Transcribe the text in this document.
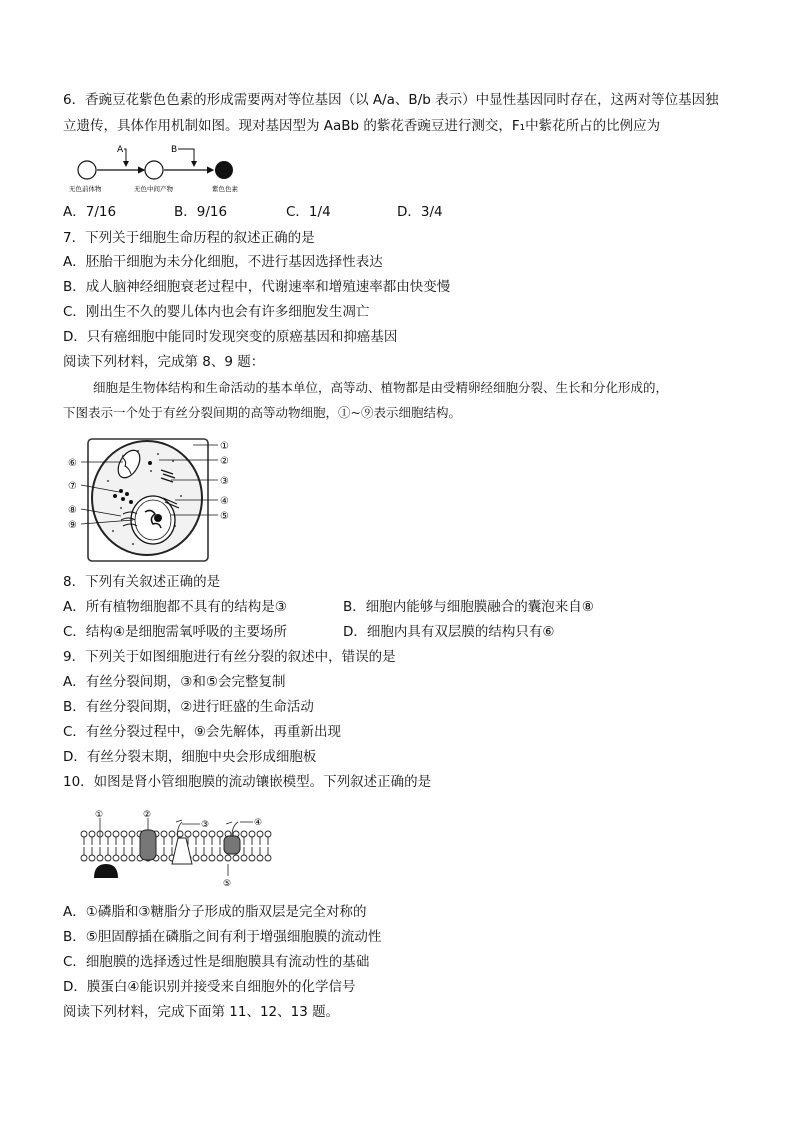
6．香豌豆花紫色色素的形成需要两对等位基因（以 A/a、B/b 表示）中显性基因同时存在，这两对等位基因独
立遗传，具体作用机制如图。现对基因型为 AaBb 的紫花香豌豆进行测交，F₁中紫花所占的比例应为
A	B
无色前体物	无色中间产物	紫色色素
A．7/16	B．9/16	C．1/4	D．3/4
7．下列关于细胞生命历程的叙述正确的是
A．胚胎干细胞为未分化细胞，不进行基因选择性表达
B．成人脑神经细胞衰老过程中，代谢速率和增殖速率都由快变慢
C．刚出生不久的婴儿体内也会有许多细胞发生凋亡
D．只有癌细胞中能同时发现突变的原癌基因和抑癌基因
阅读下列材料，完成第 8、9 题：
细胞是生物体结构和生命活动的基本单位，高等动、植物都是由受精卵经细胞分裂、生长和分化形成的，
下图表示一个处于有丝分裂间期的高等动物细胞，①~⑨表示细胞结构。
①
②
③
④
⑤
⑥
⑦
⑧
⑨
8．下列有关叙述正确的是
A．所有植物细胞都不具有的结构是③	B．细胞内能够与细胞膜融合的囊泡来自⑧
C．结构④是细胞需氧呼吸的主要场所	D．细胞内具有双层膜的结构只有⑥
9．下列关于如图细胞进行有丝分裂的叙述中，错误的是
A．有丝分裂间期，③和⑤会完整复制
B．有丝分裂间期，②进行旺盛的生命活动
C．有丝分裂过程中，⑨会先解体，再重新出现
D．有丝分裂末期，细胞中央会形成细胞板
10．如图是肾小管细胞膜的流动镶嵌模型。下列叙述正确的是
①	②
③	④
⑤
A．①磷脂和③糖脂分子形成的脂双层是完全对称的
B．⑤胆固醇插在磷脂之间有利于增强细胞膜的流动性
C．细胞膜的选择透过性是细胞膜具有流动性的基础
D．膜蛋白④能识别并接受来自细胞外的化学信号
阅读下列材料，完成下面第 11、12、13 题。
